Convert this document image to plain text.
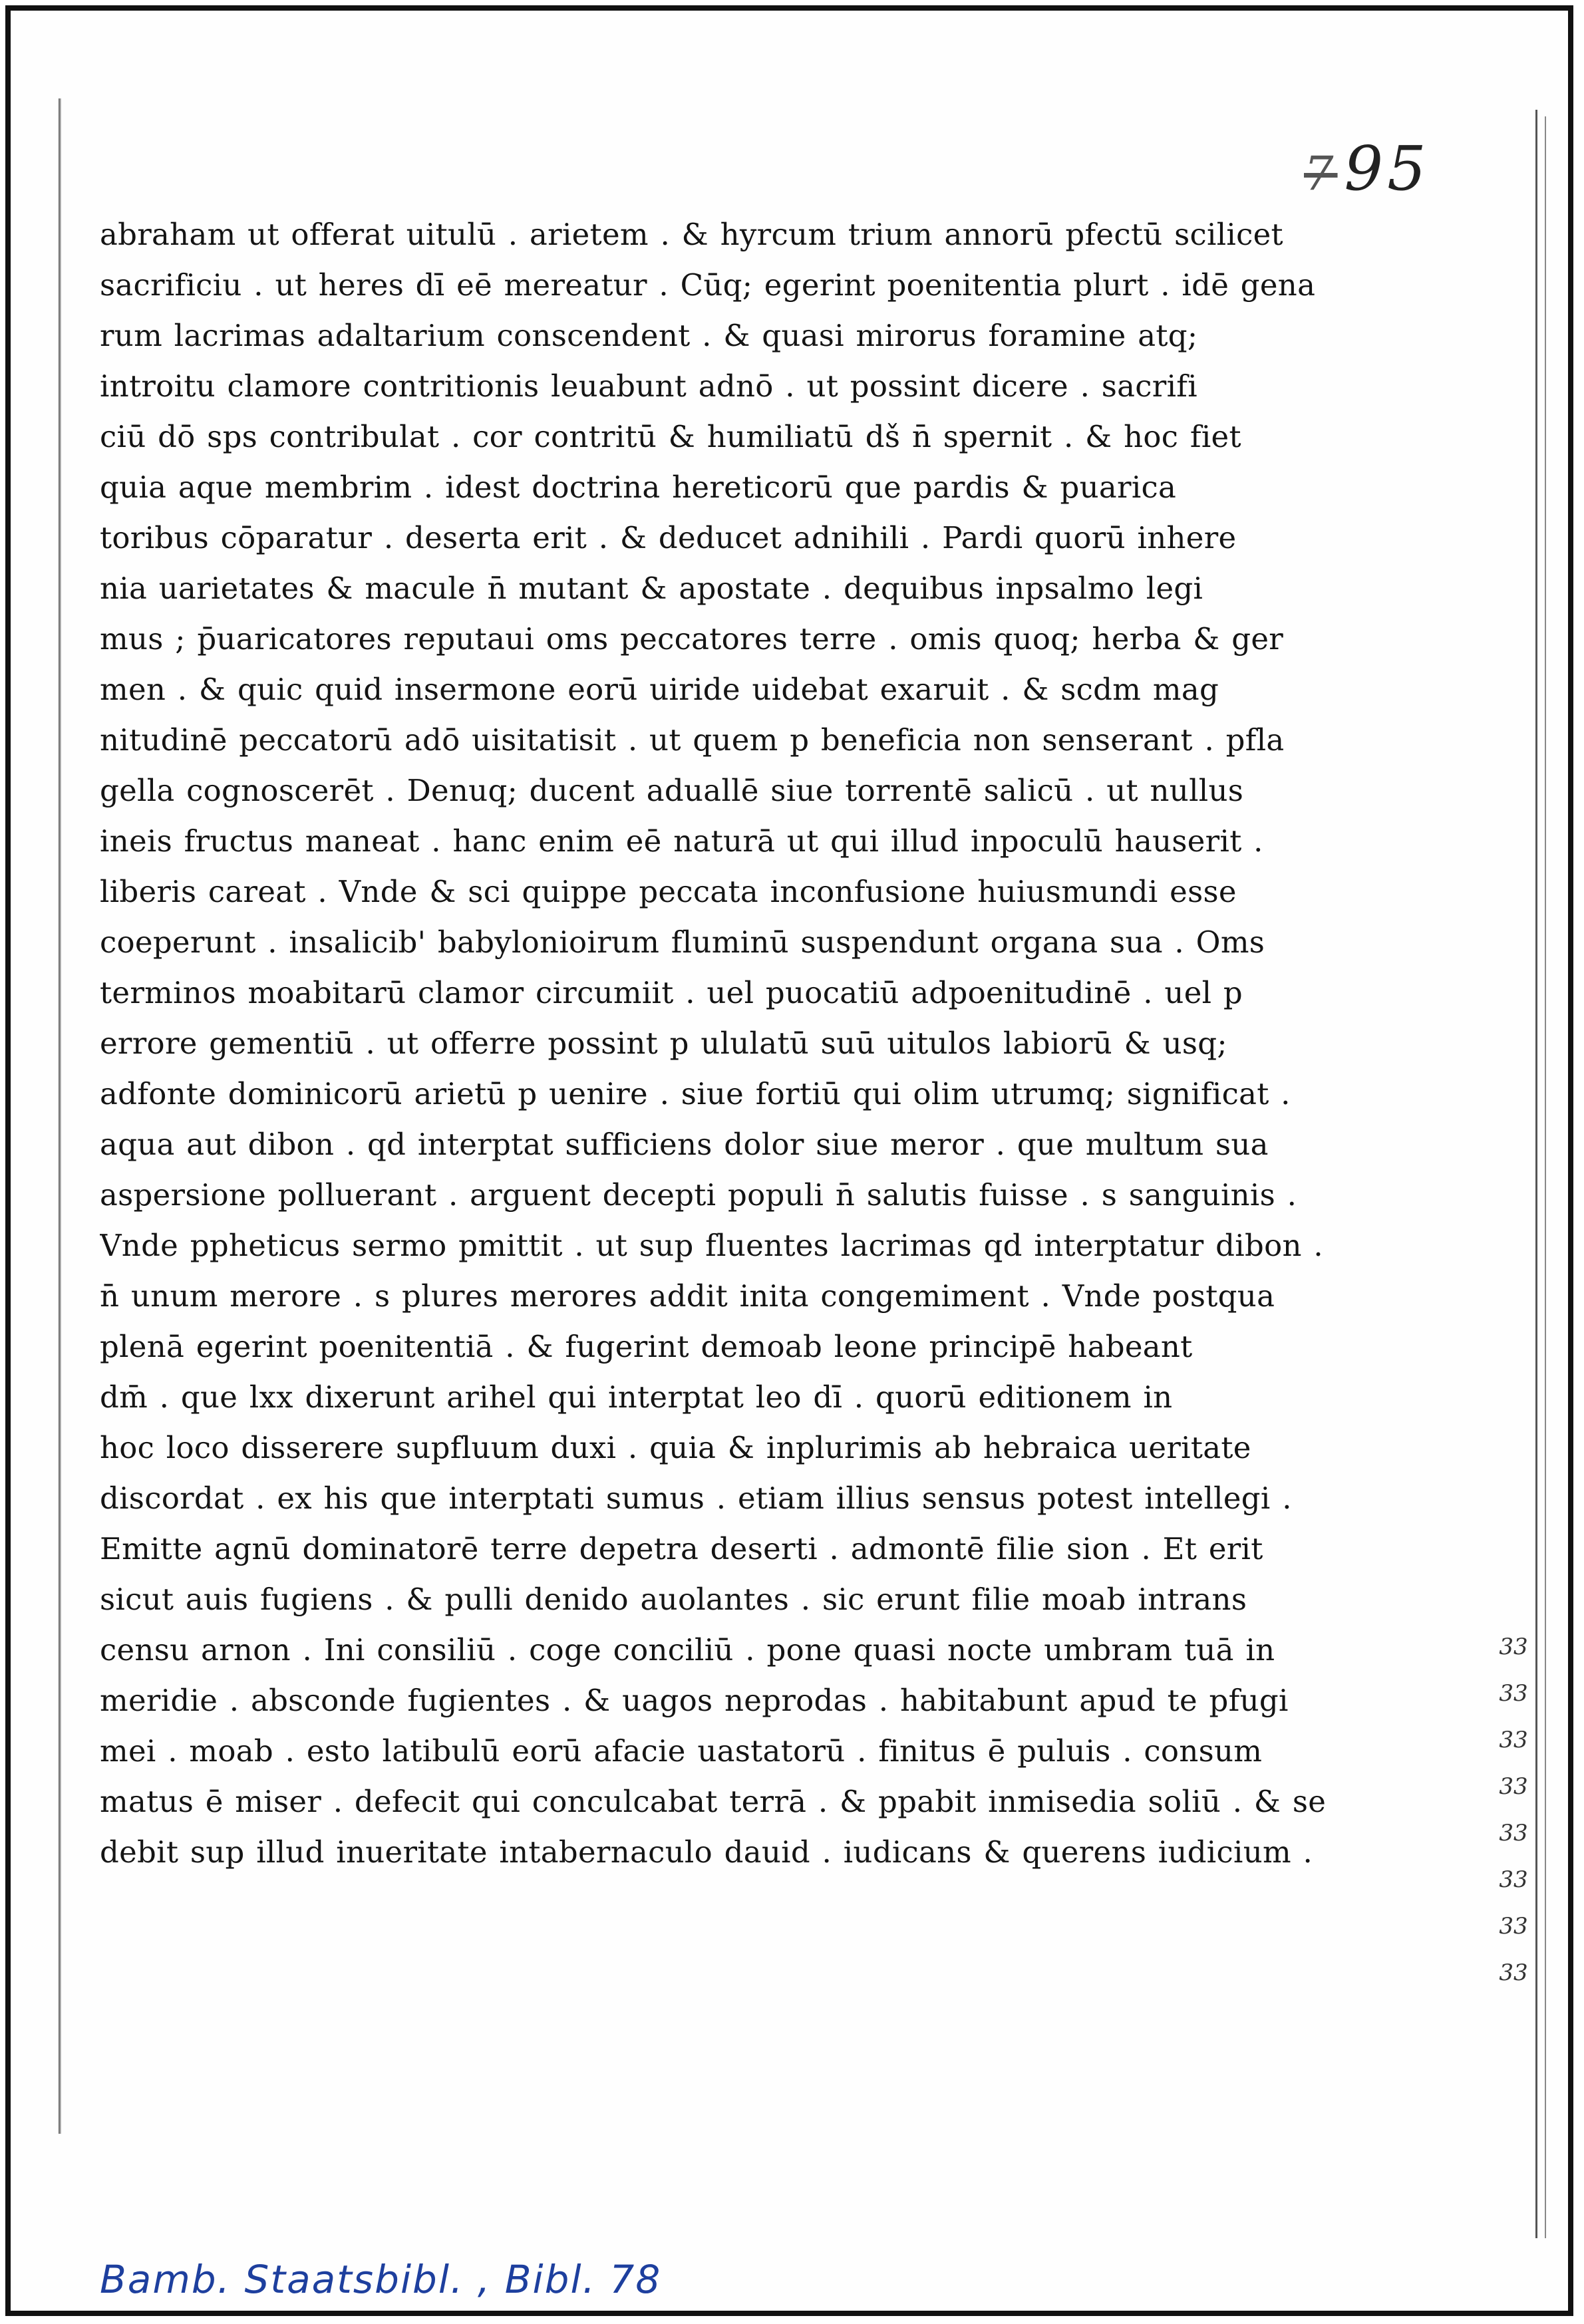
7 95
abraham ut offerat uitulū . arietem . & hyrcum trium annorū pfectū scilicet
sacrificiu . ut heres dī eē mereatur . Cūq; egerint poenitentia plurt . idē gena
rum lacrimas adaltarium conscendent . & quasi mirorus foramine atq;
introitu clamore contritionis leuabunt adnō . ut possint dicere . sacrifi
ciū dō sps contribulat . cor contritū & humiliatū dš n̄ spernit . & hoc fiet
quia aque membrim . idest doctrina hereticorū que pardis & puarica
toribus cōparatur . deserta erit . & deducet adnihili . Pardi quorū inhere
nia uarietates & macule n̄ mutant & apostate . dequibus inpsalmo legi
mus ; p̄uaricatores reputaui oms peccatores terre . omis quoq; herba & ger
men . & quic quid insermone eorū uiride uidebat exaruit . & scdm mag
nitudinē peccatorū adō uisitatisit . ut quem p beneficia non senserant . pfla
gella cognoscerēt . Denuq; ducent aduallē siue torrentē salicū . ut nullus
ineis fructus maneat . hanc enim eē naturā ut qui illud inpoculū hauserit .
liberis careat . Vnde & sci quippe peccata inconfusione huiusmundi esse
coeperunt . insalicib' babylonioirum fluminū suspendunt organa sua . Oms
terminos moabitarū clamor circumiit . uel puocatiū adpoenitudinē . uel p
errore gementiū . ut offerre possint p ululatū suū uitulos labiorū & usq;
adfonte dominicorū arietū p uenire . siue fortiū qui olim utrumq; significat .
aqua aut dibon . qd interptat sufficiens dolor siue meror . que multum sua
aspersione polluerant . arguent decepti populi n̄ salutis fuisse . s sanguinis .
Vnde ppheticus sermo pmittit . ut sup fluentes lacrimas qd interptatur dibon .
n̄ unum merore . s plures merores addit inita congemiment . Vnde postqua
plenā egerint poenitentiā . & fugerint demoab leone principē habeant
dm̄ . que lxx dixerunt arihel qui interptat leo dī . quorū editionem in
hoc loco disserere supfluum duxi . quia & inplurimis ab hebraica ueritate
discordat . ex his que interptati sumus . etiam illius sensus potest intellegi .
Emitte agnū dominatorē terre depetra deserti . admontē filie sion . Et erit
sicut auis fugiens . & pulli denido auolantes . sic erunt filie moab intrans
censu arnon . Ini consiliū . coge conciliū . pone quasi nocte umbram tuā in
meridie . absconde fugientes . & uagos neprodas . habitabunt apud te pfugi
mei . moab . esto latibulū eorū afacie uastatorū . finitus ē puluis . consum
matus ē miser . defecit qui conculcabat terrā . & ppabit inmisedia soliū . & se
debit sup illud inueritate intabernaculo dauid . iudicans & querens iudicium .
33
33
33
33
33
33
33
33
Bamb. Staatsbibl. , Bibl. 78
